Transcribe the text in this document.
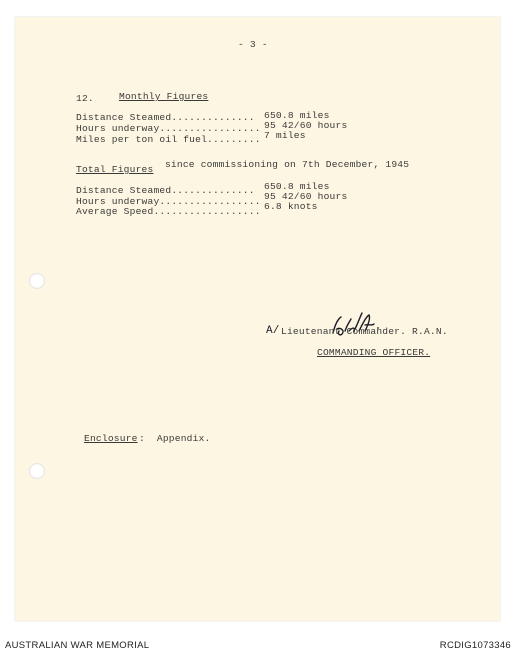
- 3 -
12.	Monthly Figures
Distance Steamed.............. 650.8 miles
Hours underway................. 95 42/60 hours
Miles per ton oil fuel......... 7 miles
Total Figures since commissioning on 7th December, 1945
Distance Steamed.............. 650.8 miles
Hours underway................. 95 42/60 hours
Average Speed.................. 6.8 knots
A/ Lieutenant Commander. R.A.N.
COMMANDING OFFICER.
Enclosure :  Appendix.
AUSTRALIAN WAR MEMORIAL	RCDIG1073346
